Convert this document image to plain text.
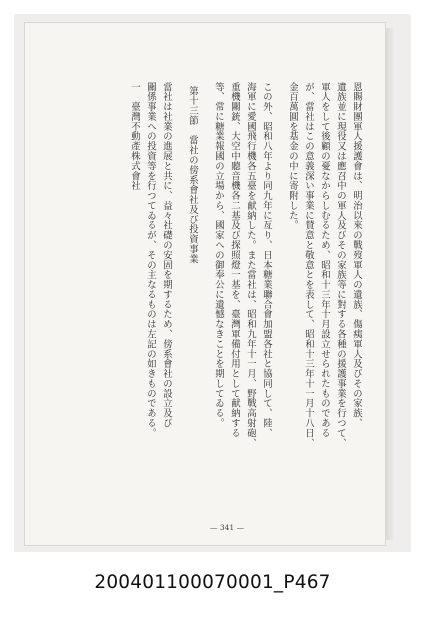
恩賜財團軍人援護會は、明治以來の戰歿軍人の遺族、傷痍軍人及びその家族、
遺族並に現役又は應召中の軍人及びその家族等に對する各種の援護事業を行つて、
軍人をして後顧の憂なからしむるため、昭和十三年十月設立せられたものである
が、當社はこの意義深い事業に賛意と敬意とを表して、昭和十三年十一月十八日、
金百萬圓を基金の中に寄附した。
この外、昭和八年より同九年に亙り、日本糖業聯合會加盟各社と協同して、陸、
海軍に愛國飛行機各五臺を献納した。また當社は、昭和九年十一月、野戰高射砲、
重機關銃、大空中聽音機各二基及び探照燈一基を、臺灣軍備付用として献納する
等、常に糖業報國の立場から、國家への御奉公に遺憾なきことを期してゐる。
第十三節　當社の傍系會社及び投資事業
當社は社業の進展と共に、益々社礎の安固を期するため、傍系會社の設立及び
關係事業への投資等を行つてゐるが、その主なるものは左記の如きものである。
一　臺灣不動產株式會社
— 341 —
200401100070001_P467
